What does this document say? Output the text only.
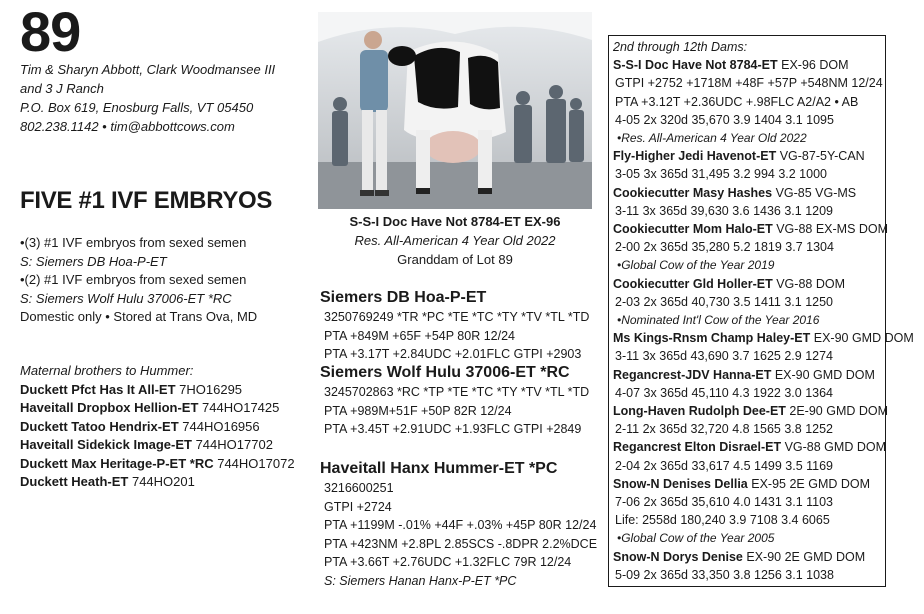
89
Tim & Sharyn Abbott, Clark Woodmansee III
and 3 J Ranch
P.O. Box 619, Enosburg Falls, VT 05450
802.238.1142 • tim@abbottcows.com
FIVE #1 IVF EMBRYOS
•(3) #1 IVF embryos from sexed semen
S: Siemers DB Hoa-P-ET
•(2) #1 IVF embryos from sexed semen
S: Siemers Wolf Hulu 37006-ET *RC
Domestic only • Stored at Trans Ova, MD
Maternal brothers to Hummer:
Duckett Pfct Has It All-ET 7HO16295
Haveitall Dropbox Hellion-ET 744HO17425
Duckett Tatoo Hendrix-ET 744HO16956
Haveitall Sidekick Image-ET 744HO17702
Duckett Max Heritage-P-ET *RC 744HO17072
Duckett Heath-ET 744HO201
S-S-I Doc Have Not 8784-ET EX-96
Res. All-American 4 Year Old 2022
Granddam of Lot 89
Siemers DB Hoa-P-ET
3250769249 *TR *PC *TE *TC *TY *TV *TL *TD
PTA +849M +65F +54P 80R 12/24
PTA +3.17T +2.84UDC +2.01FLC GTPI +2903
Siemers Wolf Hulu 37006-ET *RC
3245702863 *RC *TP *TE *TC *TY *TV *TL *TD
PTA +989M+51F +50P 82R 12/24
PTA +3.45T +2.91UDC +1.93FLC GTPI +2849
Haveitall Hanx Hummer-ET *PC
3216600251
GTPI +2724
PTA +1199M -.01% +44F +.03% +45P 80R 12/24
PTA +423NM +2.8PL 2.85SCS -.8DPR 2.2%DCE
PTA +3.66T +2.76UDC +1.32FLC 79R 12/24
S: Siemers Hanan Hanx-P-ET *PC
2nd through 12th Dams:
S-S-I Doc Have Not 8784-ET EX-96 DOM
GTPI +2752 +1718M +48F +57P +548NM 12/24
PTA +3.12T +2.36UDC +.98FLC A2/A2 • AB
4-05 2x 320d 35,670 3.9 1404 3.1 1095
•Res. All-American 4 Year Old 2022
Fly-Higher Jedi Havenot-ET VG-87-5Y-CAN
3-05 3x 365d 31,495 3.2 994 3.2 1000
Cookiecutter Masy Hashes VG-85 VG-MS
3-11 3x 365d 39,630 3.6 1436 3.1 1209
Cookiecutter Mom Halo-ET VG-88 EX-MS DOM
2-00 2x 365d 35,280 5.2 1819 3.7 1304
•Global Cow of the Year 2019
Cookiecutter Gld Holler-ET VG-88 DOM
2-03 2x 365d 40,730 3.5 1411 3.1 1250
•Nominated Int'l Cow of the Year 2016
Ms Kings-Rnsm Champ Haley-ET EX-90 GMD DOM
3-11 3x 365d 43,690 3.7 1625 2.9 1274
Regancrest-JDV Hanna-ET EX-90 GMD DOM
4-07 3x 365d 45,110 4.3 1922 3.0 1364
Long-Haven Rudolph Dee-ET 2E-90 GMD DOM
2-11 2x 365d 32,720 4.8 1565 3.8 1252
Regancrest Elton Disrael-ET VG-88 GMD DOM
2-04 2x 365d 33,617 4.5 1499 3.5 1169
Snow-N Denises Dellia EX-95 2E GMD DOM
7-06 2x 365d 35,610 4.0 1431 3.1 1103
Life: 2558d 180,240 3.9 7108 3.4 6065
•Global Cow of the Year 2005
Snow-N Dorys Denise EX-90 2E GMD DOM
5-09 2x 365d 33,350 3.8 1256 3.1 1038
